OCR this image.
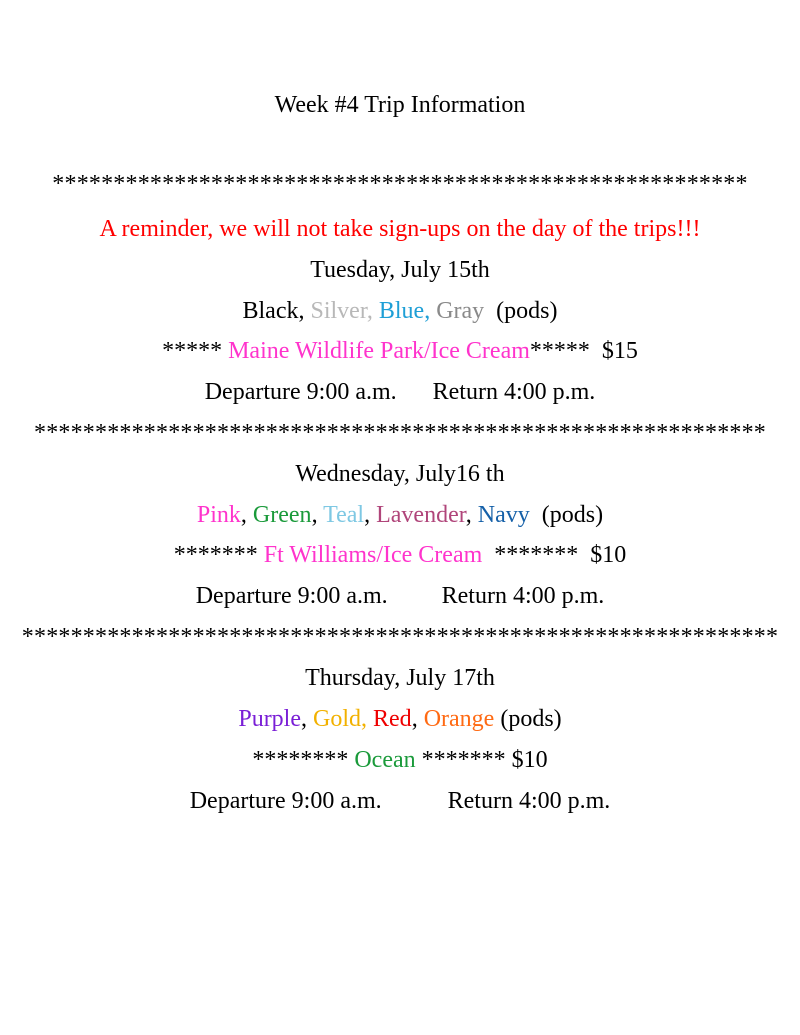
Week #4 Trip Information
*********************************************************
A reminder, we will not take sign-ups on the day of the trips!!!
Tuesday, July 15th
Black, Silver, Blue, Gray (pods)
***** Maine Wildlife Park/Ice Cream***** $15
Departure 9:00 a.m. Return 4:00 p.m.
************************************************************
Wednesday, July16 th
Pink, Green, Teal, Lavender, Navy (pods)
******* Ft Williams/Ice Cream ******* $10
Departure 9:00 a.m. Return 4:00 p.m.
**************************************************************
Thursday, July 17th
Purple, Gold, Red, Orange (pods)
******** Ocean ******* $10
Departure 9:00 a.m.	Return 4:00 p.m.
